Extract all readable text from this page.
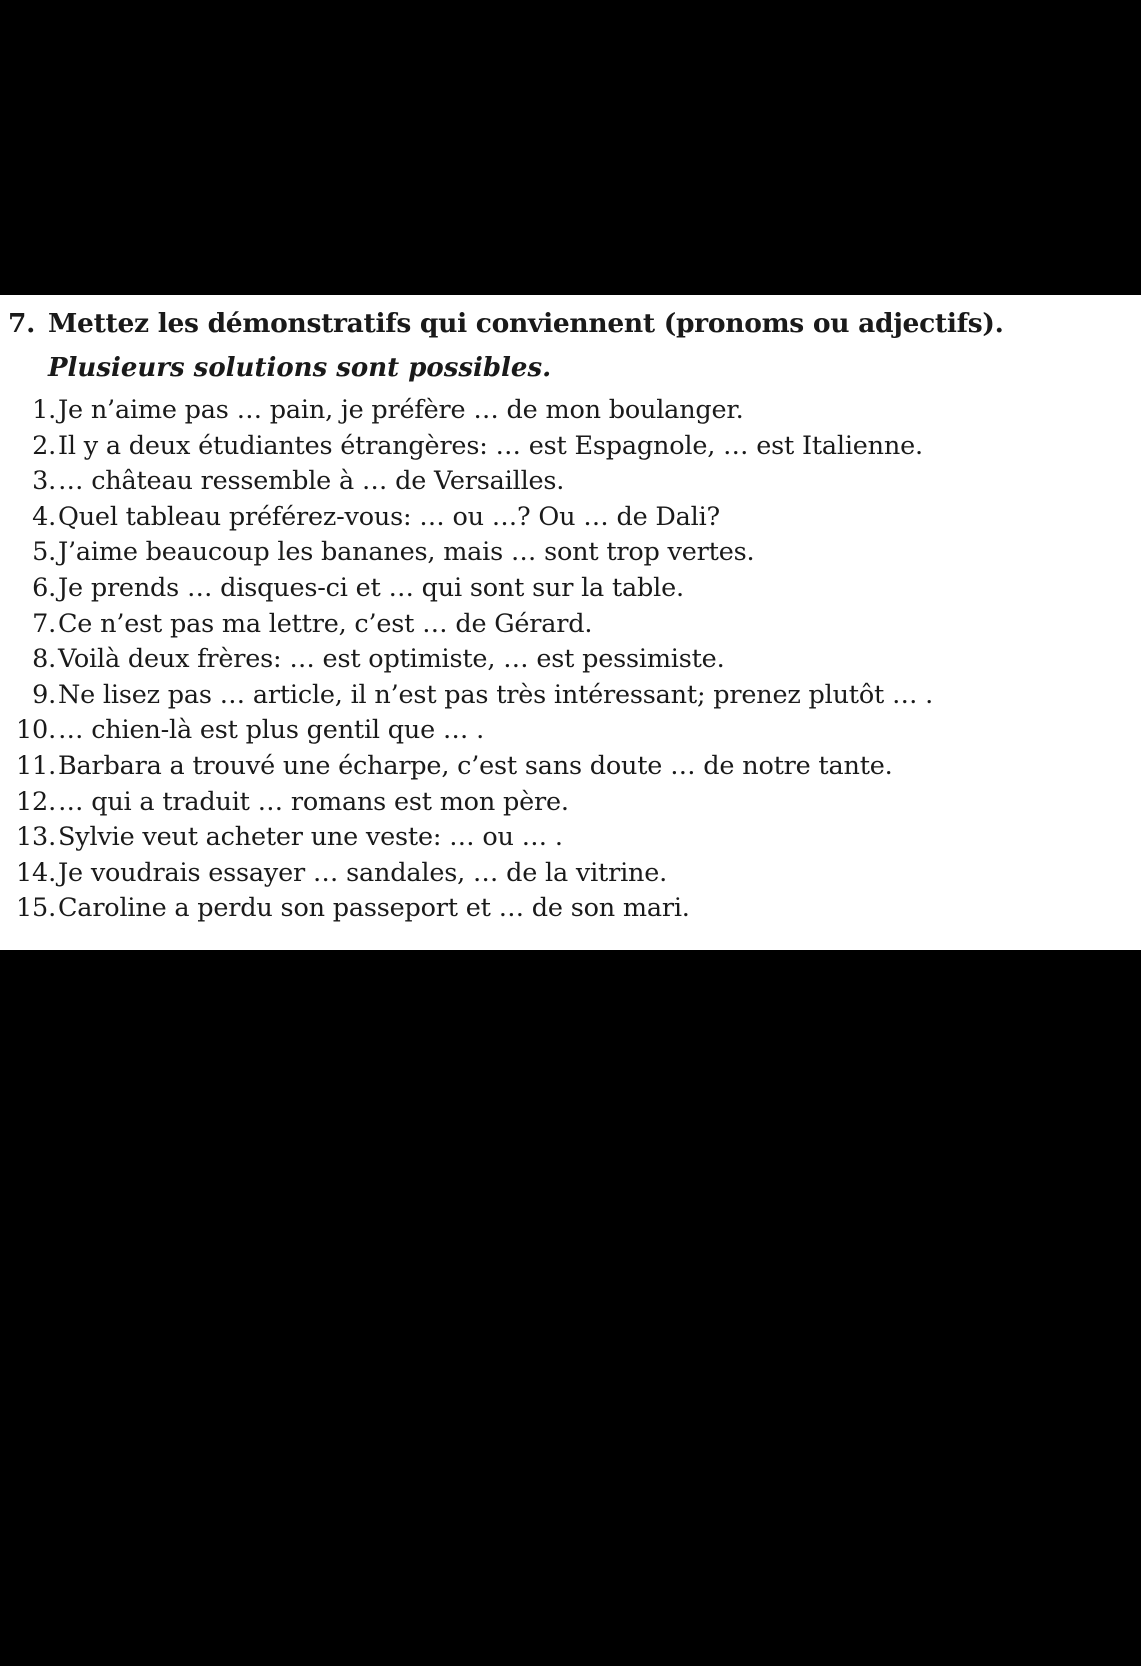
7. Mettez les démonstratifs qui conviennent (pronoms ou adjectifs).
Plusieurs solutions sont possibles.
1.Je n’aime pas … pain, je préfère … de mon boulanger.
2.Il y a deux étudiantes étrangères: … est Espagnole, … est Italienne.
3.… château ressemble à … de Versailles.
4.Quel tableau préférez-vous: … ou …? Ou … de Dali?
5.J’aime beaucoup les bananes, mais … sont trop vertes.
6.Je prends … disques-ci et … qui sont sur la table.
7.Ce n’est pas ma lettre, c’est … de Gérard.
8.Voilà deux frères: … est optimiste, … est pessimiste.
9.Ne lisez pas … article, il n’est pas très intéressant; prenez plutôt … .
10.… chien-là est plus gentil que … .
11.Barbara a trouvé une écharpe, c’est sans doute … de notre tante.
12.… qui a traduit … romans est mon père.
13.Sylvie veut acheter une veste: … ou … .
14.Je voudrais essayer … sandales, … de la vitrine.
15.Caroline a perdu son passeport et … de son mari.
